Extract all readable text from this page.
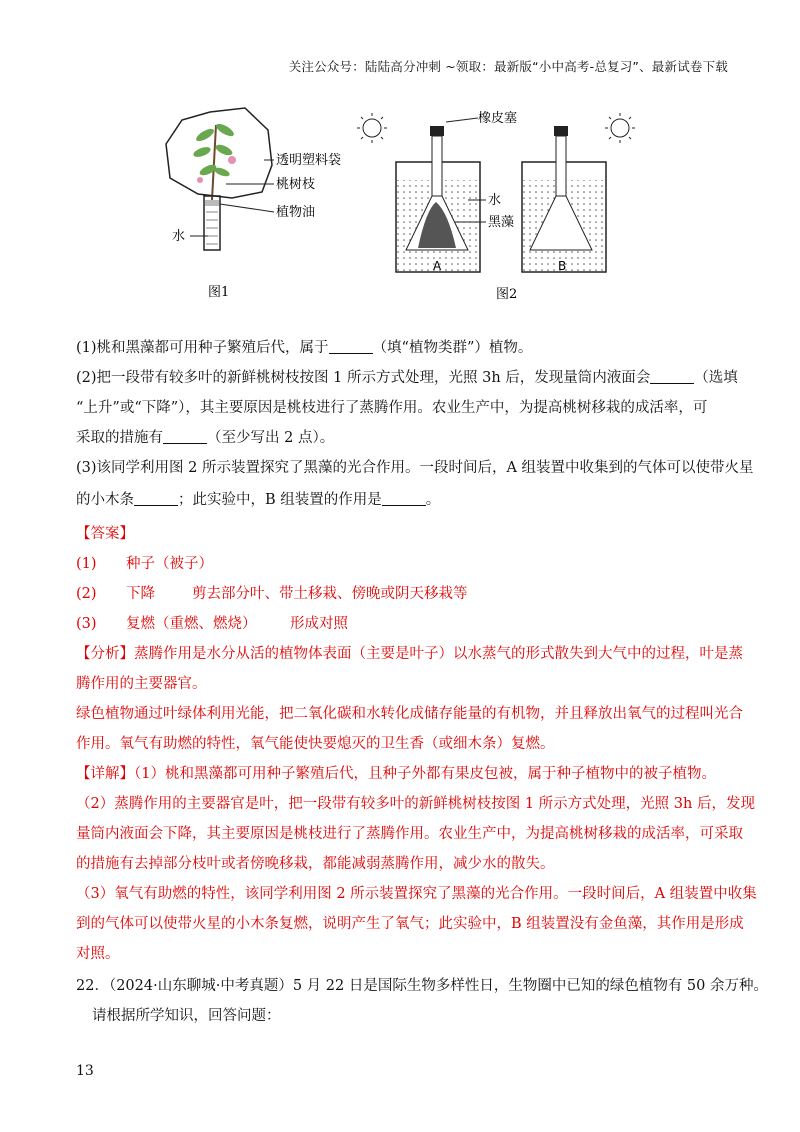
关注公众号：陆陆高分冲刺 ~领取：最新版“小中高考-总复习”、最新试卷下载
透明塑料袋
桃树枝
植物油
水
图1
橡皮塞
水
黑藻
A	B
图2
(1)桃和黑藻都可用种子繁殖后代，属于	（填“植物类群”）植物。
(2)把一段带有较多叶的新鲜桃树枝按图 1 所示方式处理，光照 3h 后，发现量筒内液面会	（选填
“上升”或“下降”），其主要原因是桃枝进行了蒸腾作用。农业生产中，为提高桃树移栽的成活率，可
采取的措施有	（至少写出 2 点）。
(3)该同学利用图 2 所示装置探究了黑藻的光合作用。一段时间后，A 组装置中收集到的气体可以使带火星
的小木条	；此实验中，B 组装置的作用是	。
【答案】
(1) 种子（被子）
(2) 下降	剪去部分叶、带土移栽、傍晚或阴天移栽等
(3) 复燃（重燃、燃烧） 形成对照
【分析】蒸腾作用是水分从活的植物体表面（主要是叶子）以水蒸气的形式散失到大气中的过程，叶是蒸
腾作用的主要器官。
绿色植物通过叶绿体利用光能，把二氧化碳和水转化成储存能量的有机物，并且释放出氧气的过程叫光合
作用。氧气有助燃的特性，氧气能使快要熄灭的卫生香（或细木条）复燃。
【详解】（1）桃和黑藻都可用种子繁殖后代，且种子外都有果皮包被，属于种子植物中的被子植物。
（2）蒸腾作用的主要器官是叶，把一段带有较多叶的新鲜桃树枝按图 1 所示方式处理，光照 3h 后，发现
量筒内液面会下降，其主要原因是桃枝进行了蒸腾作用。农业生产中，为提高桃树移栽的成活率，可采取
的措施有去掉部分枝叶或者傍晚移栽，都能减弱蒸腾作用，减少水的散失。
（3）氧气有助燃的特性，该同学利用图 2 所示装置探究了黑藻的光合作用。一段时间后，A 组装置中收集
到的气体可以使带火星的小木条复燃，说明产生了氧气；此实验中，B 组装置没有金鱼藻，其作用是形成
对照。
22．（2024·山东聊城·中考真题）5 月 22 日是国际生物多样性日，生物圈中已知的绿色植物有 50 余万种。
请根据所学知识，回答问题：
13
